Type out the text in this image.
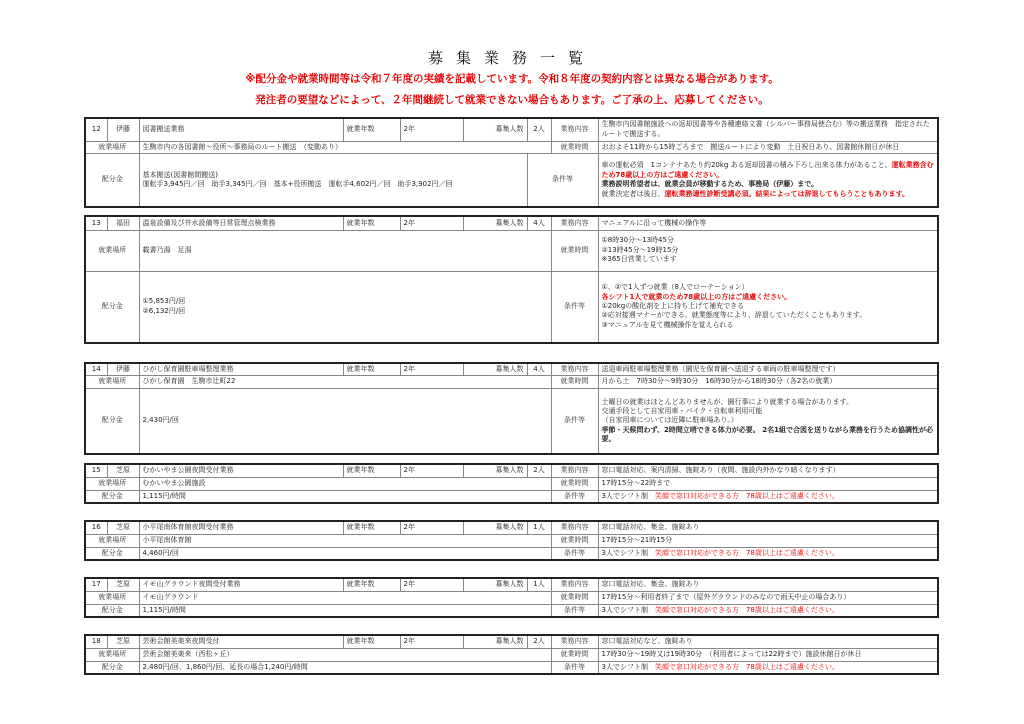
募集業務一覧
※配分金や就業時間等は令和７年度の実績を記載しています。令和８年度の契約内容とは異なる場合があります。
発注者の要望などによって、２年間継続して就業できない場合もあります。ご了承の上、応募してください。
12	伊藤	図書搬送業務	就業年数	2年	募集人数	2人	業務内容	生駒市内図書館施設への返却図書等や各種連絡文書（シルバー事務局使合む）等の搬送業務　指定されたルートで搬送する。
就業場所		生駒市内の各図書館～役所～事務局のルート搬送　（変動あり）					就業時間	おおよそ11時から15時ごろまで　搬送ルートにより変動　土日祝日あり、図書館休館日が休日
配分金		基本搬送(図書館間搬送)
運転手3,945円／回　助手3,345円／回　基本+役所搬送　運転手4,602円／回　助手3,902円／回				条件等		車の運転必須　1コンテナあたり約20kg ある返却図書の積み下ろし出来る体力があること。運転業務含むため78歳以上の方はご遠慮ください。
業務説明希望者は、就業会員が移動するため、事務局（伊藤）まで。
就業決定者は後日、運転業務適性診断受講必須。結果によっては辞退してもらうこともあります。
13	福田	温泉設備及び井水設備等日常管理点検業務	就業年数	2年	募集人数	4人	業務内容	マニュアルに沿って機械の操作等
就業場所		載書乃湯　足湯					就業時間	①8時30分～13時45分
②13時45分～19時15分
※365日営業しています

配分金		①5,853円/回
②6,132円/回					条件等	①、②で1人ずつ就業（8人でローテーション）
各シフト1人で就業のため78歳以上の方はご遠慮ください。
①20kgの酸化剤を上に持ち上げて補充できる
②応対接遇マナーができる。就業態度等により、辞退していただくこともあります。
③マニュアルを見て機械操作を覚えられる
14	伊藤	ひがし保育園駐車場整理業務	就業年数	2年	募集人数	4人	業務内容	送迎車両駐車場整理業務（園児を保育園へ送迎する車両の駐車場整理です）
就業場所		ひがし保育園　生駒市辻町22					就業時間	月から土　7時30分～9時30分　16時30分から18時30分（各2名の就業）
配分金		2,430円/回					条件等	土曜日の就業はほとんどありませんが、園行事により就業する場合があります。
交通手段として自家用車・バイク・自転車利用可能
（自家用車については近隣に駐車場あり。）
季節・天候問わず、2時間立哨できる体力が必要。 2名1組で合図を送りながら業務を行うため協調性が必要。
15	芝原	むかいやま公園夜間受付業務	就業年数	2年	募集人数	2人	業務内容	窓口電話対応、案内清掃、施錠あり（夜間、施設内外かなり暗くなります）
就業場所		むかいやま公園施設					就業時間	17時15分～22時まで
配分金		1,115円/時間					条件等	3人でシフト制　 笑顔で窓口対応ができる方　78歳以上はご遠慮ください。
16	芝原	小平尾南体育館夜間受付業務	就業年数	2年	募集人数	1人	業務内容	窓口電話対応、集金、施錠あり
就業場所		小平尾南体育館					就業時間	17時15分～21時15分
配分金		4,460円/回					条件等	3人でシフト制　 笑顔で窓口対応ができる方　78歳以上はご遠慮ください。
17	芝原	イモ山グラウンド夜間受付業務	就業年数	2年	募集人数	1人	業務内容	窓口電話対応、集金、施錠あり
就業場所		イモ山グラウンド					就業時間	17時15分～利用者終了まで（屋外グラウンドのみなので雨天中止の場合あり）
配分金		1,115円/時間					条件等	3人でシフト制　 笑顔で窓口対応ができる方　78歳以上はご遠慮ください。
18	芝原	芸術会館美楽来夜間受付	就業年数	2年	募集人数	2人	業務内容	窓口電話対応など、施錠あり
就業場所		芸術会館美楽来（西松ヶ丘）					就業時間	17時30分～19時又は19時30分　（利用者によっては22時まで）施設休館日が休日
配分金		2,480円/回、1,860円/回、延長の場合1,240円/時間					条件等	3人でシフト制　 笑顔で窓口対応ができる方　78歳以上はご遠慮ください。
